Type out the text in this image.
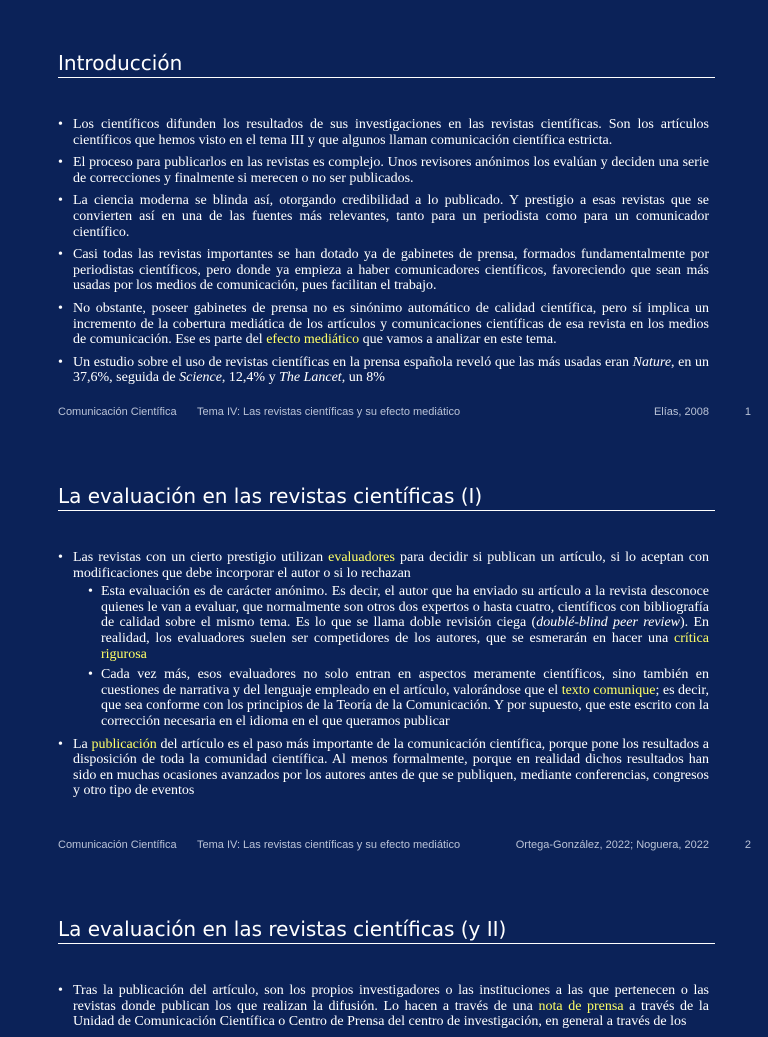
Introducción
• Los científicos difunden los resultados de sus investigaciones en las revistas científicas. Son los artículos científicos que hemos visto en el tema III y que algunos llaman comunicación científica estricta.
• El proceso para publicarlos en las revistas es complejo. Unos revisores anónimos los evalúan y deciden una serie de correcciones y finalmente si merecen o no ser publicados.
• La ciencia moderna se blinda así, otorgando credibilidad a lo publicado. Y prestigio a esas revistas que se convierten así en una de las fuentes más relevantes, tanto para un periodista como para un comunicador científico.
• Casi todas las revistas importantes se han dotado ya de gabinetes de prensa, formados fundamentalmente por periodistas científicos, pero donde ya empieza a haber comunicadores científicos, favoreciendo que sean más usadas por los medios de comunicación, pues facilitan el trabajo.
• No obstante, poseer gabinetes de prensa no es sinónimo automático de calidad científica, pero sí implica un incremento de la cobertura mediática de los artículos y comunicaciones científicas de esa revista en los medios de comunicación. Ese es parte del efecto mediático que vamos a analizar en este tema.
• Un estudio sobre el uso de revistas científicas en la prensa española reveló que las más usadas eran Nature, en un 37,6%, seguida de Science, 12,4% y The Lancet, un 8%
Comunicación Científica Tema IV: Las revistas científicas y su efecto mediático	Elías, 2008	1
La evaluación en las revistas científicas (I)
• Las revistas con un cierto prestigio utilizan evaluadores para decidir si publican un artículo, si lo aceptan con modificaciones que debe incorporar el autor o si lo rechazan
• Esta evaluación es de carácter anónimo. Es decir, el autor que ha enviado su artículo a la revista desconoce quienes le van a evaluar, que normalmente son otros dos expertos o hasta cuatro, científicos con bibliografía de calidad sobre el mismo tema. Es lo que se llama doble revisión ciega (doublé-blind peer review). En realidad, los evaluadores suelen ser competidores de los autores, que se esmerarán en hacer una crítica rigurosa
• Cada vez más, esos evaluadores no solo entran en aspectos meramente científicos, sino también en cuestiones de narrativa y del lenguaje empleado en el artículo, valorándose que el texto comunique; es decir, que sea conforme con los principios de la Teoría de la Comunicación. Y por supuesto, que este escrito con la corrección necesaria en el idioma en el que queramos publicar
• La publicación del artículo es el paso más importante de la comunicación científica, porque pone los resultados a disposición de toda la comunidad científica. Al menos formalmente, porque en realidad dichos resultados han sido en muchas ocasiones avanzados por los autores antes de que se publiquen, mediante conferencias, congresos y otro tipo de eventos
Comunicación Científica Tema IV: Las revistas científicas y su efecto mediático	Ortega-González, 2022; Noguera, 2022	2
La evaluación en las revistas científicas (y II)
• Tras la publicación del artículo, son los propios investigadores o las instituciones a las que pertenecen o las revistas donde publican los que realizan la difusión. Lo hacen a través de una nota de prensa a través de la Unidad de Comunicación Científica o Centro de Prensa del centro de investigación, en general a través de los
